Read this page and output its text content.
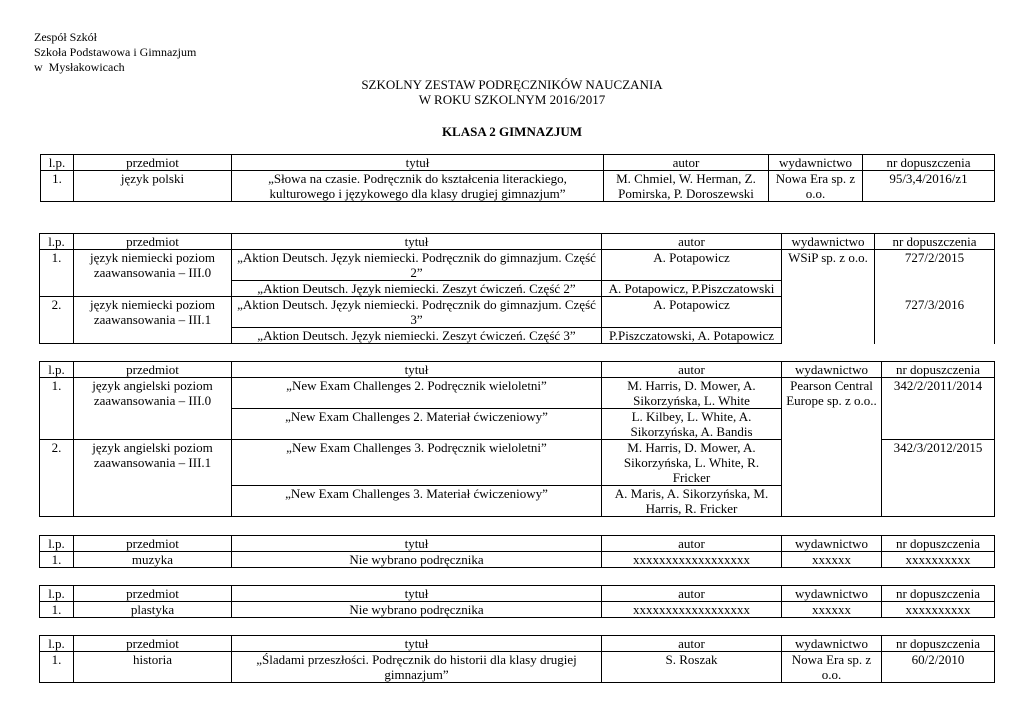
Zespół Szkół
Szkoła Podstawowa i Gimnazjum
w  Mysłakowicach
SZKOLNY ZESTAW PODRĘCZNIKÓW NAUCZANIA
W ROKU SZKOLNYM 2016/2017
KLASA 2 GIMNAZJUM
l.p.	przedmiot	tytuł	autor	wydawnictwo	nr dopuszczenia
1.	język polski	„Słowa na czasie. Podręcznik do kształcenia literackiego, kulturowego i językowego dla klasy drugiej gimnazjum”	M. Chmiel, W. Herman, Z. Pomirska, P. Doroszewski	Nowa Era sp. z o.o.	95/3,4/2016/z1
l.p.	przedmiot	tytuł	autor	wydawnictwo	nr dopuszczenia
1.	język niemiecki poziom zaawansowania – III.0	„Aktion Deutsch. Język niemiecki. Podręcznik do gimnazjum. Część 2”	A. Potapowicz	WSiP sp. z o.o.	727/2/2015
		„Aktion Deutsch. Język niemiecki. Zeszyt ćwiczeń. Część 2”	A. Potapowicz, P.Piszczatowski		
2.	język niemiecki poziom zaawansowania – III.1	„Aktion Deutsch. Język niemiecki. Podręcznik do gimnazjum. Część 3”	A. Potapowicz		727/3/2016
		„Aktion Deutsch. Język niemiecki. Zeszyt ćwiczeń. Część 3”	P.Piszczatowski, A. Potapowicz		
l.p.	przedmiot	tytuł	autor	wydawnictwo	nr dopuszczenia
1.	język angielski poziom zaawansowania – III.0	„New Exam Challenges 2. Podręcznik wieloletni”	M. Harris, D. Mower, A. Sikorzyńska, L. White	Pearson Central Europe sp. z o.o..	342/2/2011/2014
		„New Exam Challenges 2. Materiał ćwiczeniowy”	L. Kilbey, L. White, A. Sikorzyńska, A. Bandis		
2.	język angielski poziom zaawansowania – III.1	„New Exam Challenges 3. Podręcznik wieloletni”	M. Harris, D. Mower, A. Sikorzyńska, L. White, R. Fricker		342/3/2012/2015
		„New Exam Challenges 3. Materiał ćwiczeniowy”	A. Maris, A. Sikorzyńska, M. Harris, R. Fricker		
l.p.	przedmiot	tytuł	autor	wydawnictwo	nr dopuszczenia
1.	muzyka	Nie wybrano podręcznika	xxxxxxxxxxxxxxxxxx	xxxxxx	xxxxxxxxxx
l.p.	przedmiot	tytuł	autor	wydawnictwo	nr dopuszczenia
1.	plastyka	Nie wybrano podręcznika	xxxxxxxxxxxxxxxxxx	xxxxxx	xxxxxxxxxx
l.p.	przedmiot	tytuł	autor	wydawnictwo	nr dopuszczenia
1.	historia	„Śladami przeszłości. Podręcznik do historii dla klasy drugiej gimnazjum”	S. Roszak	Nowa Era sp. z o.o.	60/2/2010
